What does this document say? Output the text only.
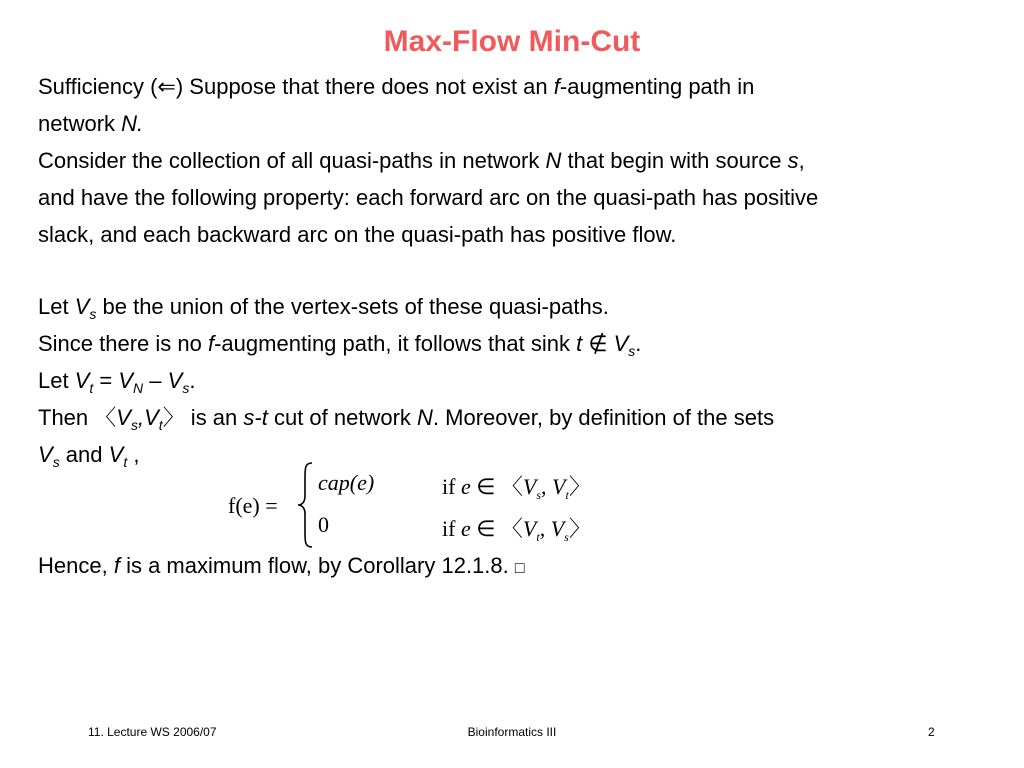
Max-Flow Min-Cut
Sufficiency (⇐) Suppose that there does not exist an f-augmenting path in
network N.
Consider the collection of all quasi-paths in network N that begin with source s,
and have the following property: each forward arc on the quasi-path has positive
slack, and each backward arc on the quasi-path has positive flow.
Let $V_s$ be the union of the vertex-sets of these quasi-paths.
Since there is no f-augmenting path, it follows that sink t ∉ $V_s$.
Let $V_t = V_N - V_s$.
Then 〈$V_s,V_t$〉 is an s-t cut of network N. Moreover, by definition of the sets
$V_s$ and $V_t$ ,
f(e) =
cap(e)	if e ∈ 〈$V_s$, $V_t$〉
0	if e ∈ 〈$V_t$, $V_s$〉
Hence, f is a maximum flow, by Corollary 12.1.8. □
11. Lecture WS 2006/07	Bioinformatics III	2
